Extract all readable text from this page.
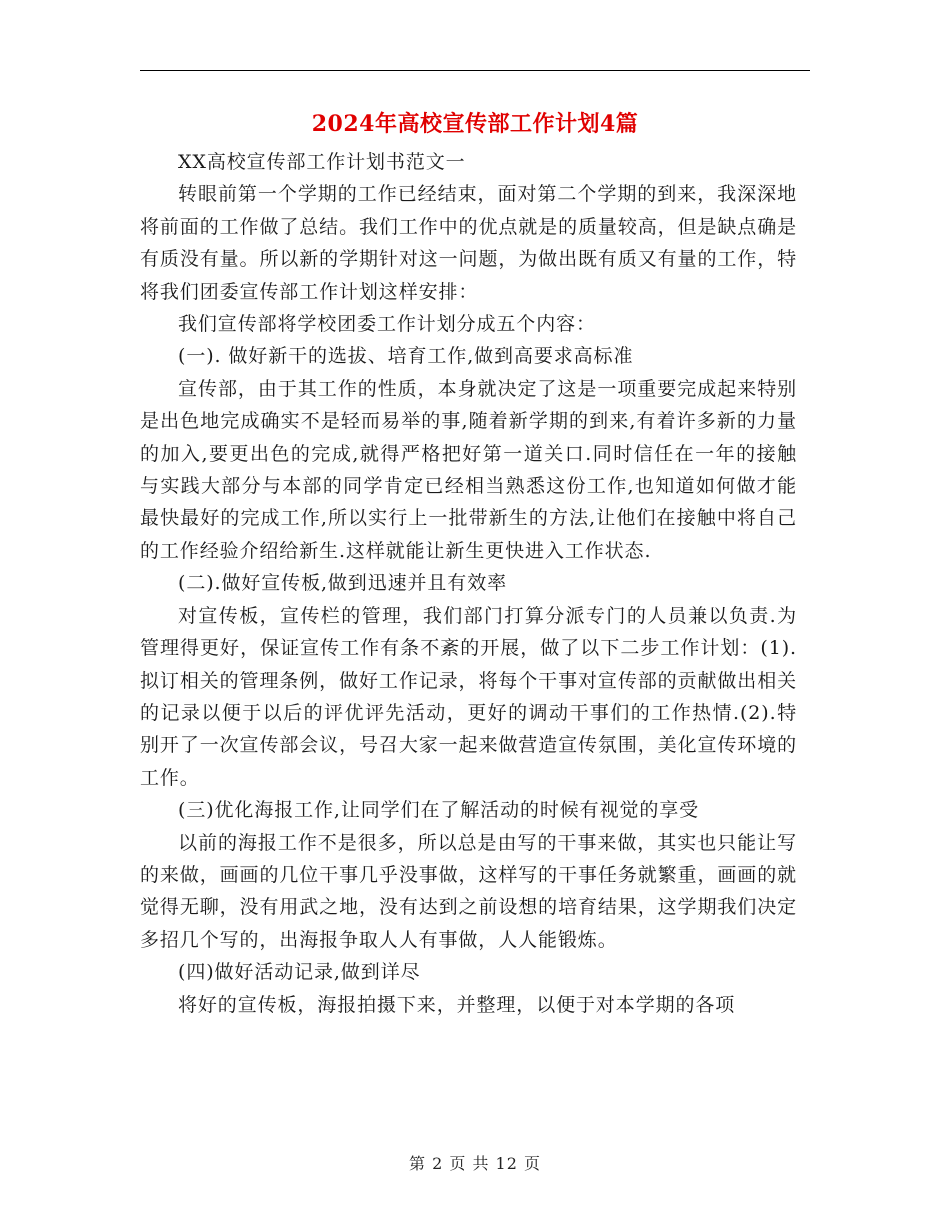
2024年高校宣传部工作计划4篇

XX高校宣传部工作计划书范文一

转眼前第一个学期的工作已经结束，面对第二个学期的到来，我深深地将前面的工作做了总结。我们工作中的优点就是的质量较高，但是缺点确是有质没有量。所以新的学期针对这一问题，为做出既有质又有量的工作，特将我们团委宣传部工作计划这样安排：

我们宣传部将学校团委工作计划分成五个内容：

(一). 做好新干的选拔、培育工作,做到高要求高标准

宣传部，由于其工作的性质，本身就决定了这是一项重要完成起来特别是出色地完成确实不是轻而易举的事,随着新学期的到来,有着许多新的力量的加入,要更出色的完成,就得严格把好第一道关口.同时信任在一年的接触与实践大部分与本部的同学肯定已经相当熟悉这份工作,也知道如何做才能最快最好的完成工作,所以实行上一批带新生的方法,让他们在接触中将自己的工作经验介绍给新生.这样就能让新生更快进入工作状态.

(二).做好宣传板,做到迅速并且有效率

对宣传板，宣传栏的管理，我们部门打算分派专门的人员兼以负责.为管理得更好，保证宣传工作有条不紊的开展，做了以下二步工作计划：(1).拟订相关的管理条例，做好工作记录，将每个干事对宣传部的贡献做出相关的记录以便于以后的评优评先活动，更好的调动干事们的工作热情.(2).特别开了一次宣传部会议，号召大家一起来做营造宣传氛围，美化宣传环境的工作。

(三)优化海报工作,让同学们在了解活动的时候有视觉的享受

以前的海报工作不是很多，所以总是由写的干事来做，其实也只能让写的来做，画画的几位干事几乎没事做，这样写的干事任务就繁重，画画的就觉得无聊，没有用武之地，没有达到之前设想的培育结果，这学期我们决定多招几个写的，出海报争取人人有事做，人人能锻炼。

(四)做好活动记录,做到详尽

将好的宣传板，海报拍摄下来，并整理，以便于对本学期的各项

第 2 页 共 12 页
